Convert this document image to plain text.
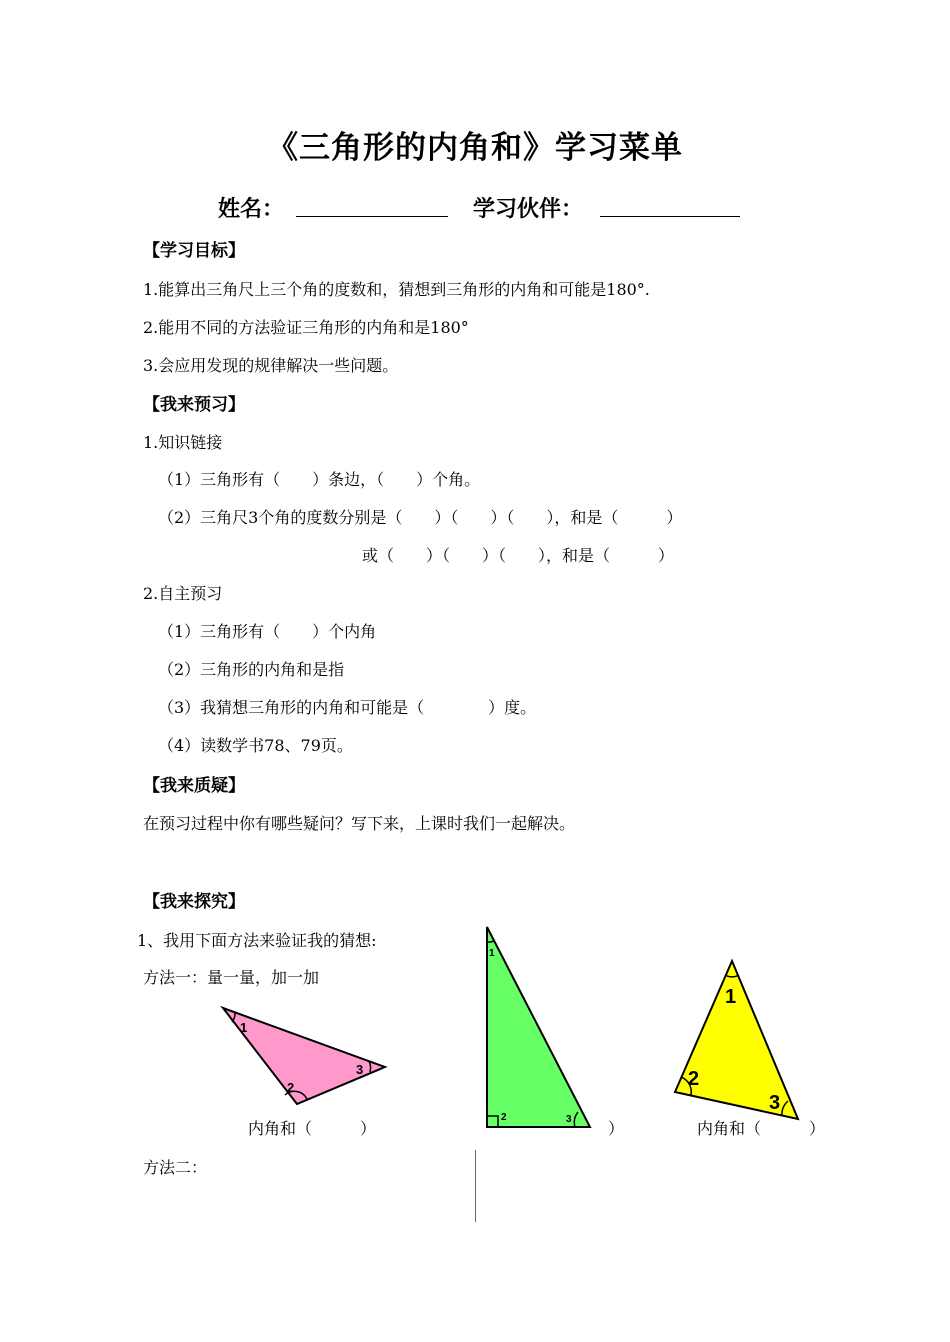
《三角形的内角和》学习菜单
姓名：	学习伙伴：
【学习目标】
1.能算出三角尺上三个角的度数和，猜想到三角形的内角和可能是180°.
2.能用不同的方法验证三角形的内角和是180°
3.会应用发现的规律解决一些问题。
【我来预习】
1.知识链接
（1）三角形有（　　）条边，（　　）个角。
（2）三角尺3个角的度数分别是（　　）（　　）（　　），和是（　　　）
或（　　）（　　）（　　），和是（　　　）
2.自主预习
（1）三角形有（　　）个内角
（2）三角形的内角和是指
（3）我猜想三角形的内角和可能是（　　　　）度。
（4）读数学书78、79页。
【我来质疑】
在预习过程中你有哪些疑问？写下来，上课时我们一起解决。
【我来探究】
1、我用下面方法来验证我的猜想:
方法一：量一量，加一加
1
2
3
1
2	3
1
2
3
内角和（　　　）	）	内角和（　　　）
方法二：
